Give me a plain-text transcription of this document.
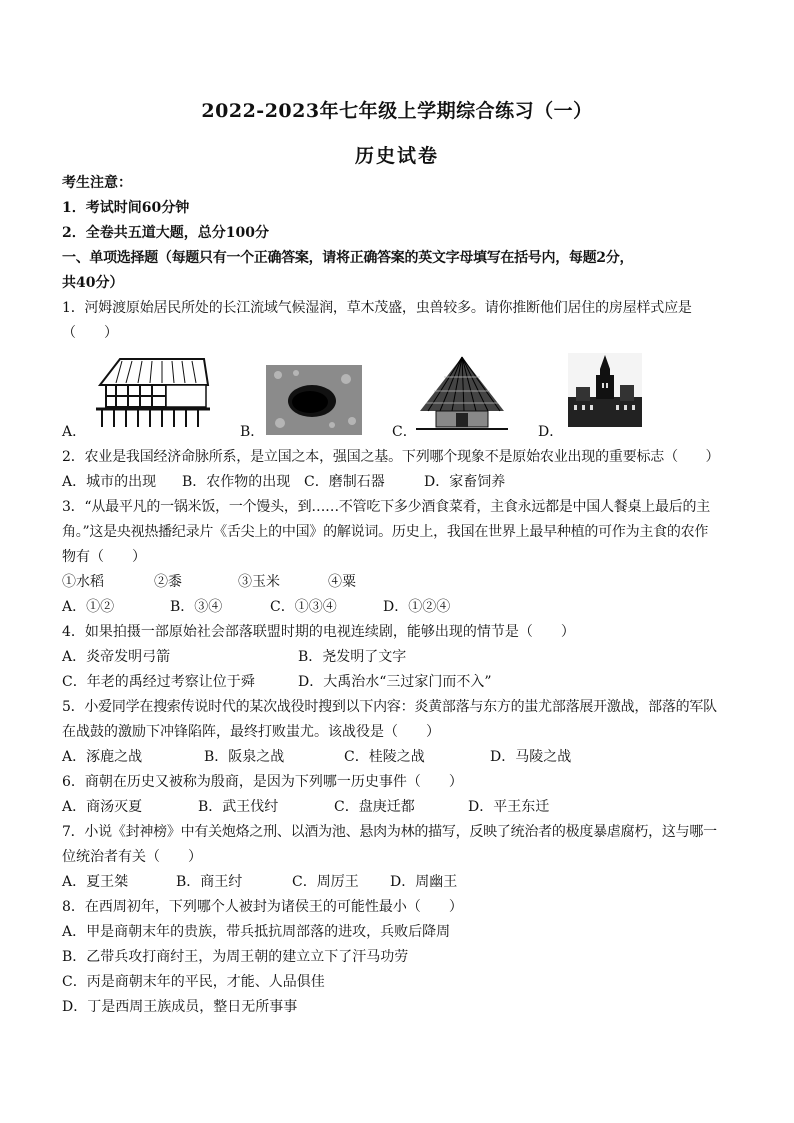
2022-2023年七年级上学期综合练习（一）
历史试卷
考生注意：
1．考试时间60分钟
2．全卷共五道大题，总分100分
一、单项选择题（每题只有一个正确答案，请将正确答案的英文字母填写在括号内，每题2分，
共40分）
1．河姆渡原始居民所处的长江流域气候湿润，草木茂盛，虫兽较多。请你推断他们居住的房屋样式应是
（　　）
A．	B．	C．	D．
2．农业是我国经济命脉所系，是立国之本，强国之基。下列哪个现象不是原始农业出现的重要标志（　　）
A．城市的出现	B．农作物的出现 C．磨制石器	D．家畜饲养
3．“从最平凡的一锅米饭，一个馒头，到……不管吃下多少酒食菜肴，主食永远都是中国人餐桌上最后的主
角。”这是央视热播纪录片《舌尖上的中国》的解说词。历史上，我国在世界上最早种植的可作为主食的农作
物有（　　）
①水稻	②黍	③玉米	④粟
A．①②	B．③④	C．①③④	D．①②④
4．如果拍摄一部原始社会部落联盟时期的电视连续剧，能够出现的情节是（　　）
A．炎帝发明弓箭	B．尧发明了文字
C．年老的禹经过考察让位于舜	D．大禹治水“三过家门而不入”
5．小爱同学在搜索传说时代的某次战役时搜到以下内容：炎黄部落与东方的蚩尤部落展开激战，部落的军队
在战鼓的激励下冲锋陷阵，最终打败蚩尤。该战役是（　　）
A．涿鹿之战	B．阪泉之战	C．桂陵之战	D．马陵之战
6．商朝在历史又被称为殷商，是因为下列哪一历史事件（　　）
A．商汤灭夏	B．武王伐纣	C．盘庚迁都	D．平王东迁
7．小说《封神榜》中有关炮烙之刑、以酒为池、悬肉为林的描写，反映了统治者的极度暴虐腐朽，这与哪一
位统治者有关（　　）
A．夏王桀	B．商王纣	C．周厉王	D．周幽王
8．在西周初年，下列哪个人被封为诸侯王的可能性最小（　　）
A．甲是商朝末年的贵族，带兵抵抗周部落的进攻，兵败后降周
B．乙带兵攻打商纣王，为周王朝的建立立下了汗马功劳
C．丙是商朝末年的平民，才能、人品俱佳
D．丁是西周王族成员，整日无所事事
